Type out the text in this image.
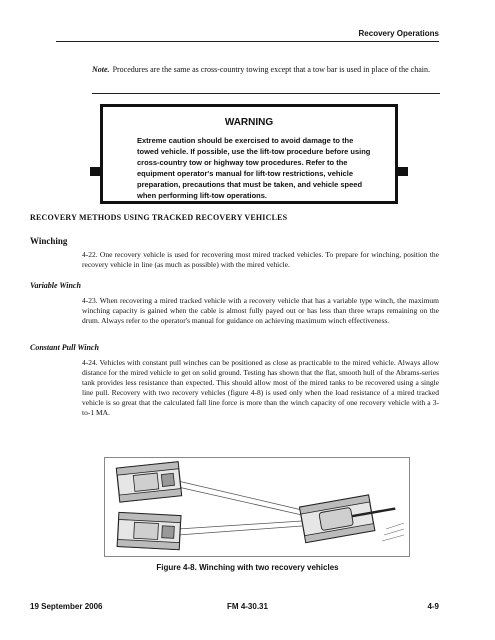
Recovery Operations
Note. Procedures are the same as cross-country towing except that a tow bar is used in place of the chain.
WARNING
Extreme caution should be exercised to avoid damage to the towed vehicle. If possible, use the lift-tow procedure before using cross-country tow or highway tow procedures. Refer to the equipment operator's manual for lift-tow restrictions, vehicle preparation, precautions that must be taken, and vehicle speed when performing lift-tow operations.
RECOVERY METHODS USING TRACKED RECOVERY VEHICLES
Winching
4-22. One recovery vehicle is used for recovering most mired tracked vehicles. To prepare for winching, position the recovery vehicle in line (as much as possible) with the mired vehicle.
Variable Winch
4-23. When recovering a mired tracked vehicle with a recovery vehicle that has a variable type winch, the maximum winching capacity is gained when the cable is almost fully payed out or has less than three wraps remaining on the drum. Always refer to the operator's manual for guidance on achieving maximum winch effectiveness.
Constant Pull Winch
4-24. Vehicles with constant pull winches can be positioned as close as practicable to the mired vehicle. Always allow distance for the mired vehicle to get on solid ground. Testing has shown that the flat, smooth hull of the Abrams-series tank provides less resistance than expected. This should allow most of the mired tanks to be recovered using a single line pull. Recovery with two recovery vehicles (figure 4-8) is used only when the load resistance of a mired tracked vehicle is so great that the calculated fall line force is more than the winch capacity of one recovery vehicle with a 3-to-1 MA.
Figure 4-8. Winching with two recovery vehicles
19 September 2006	FM 4-30.31	4-9
